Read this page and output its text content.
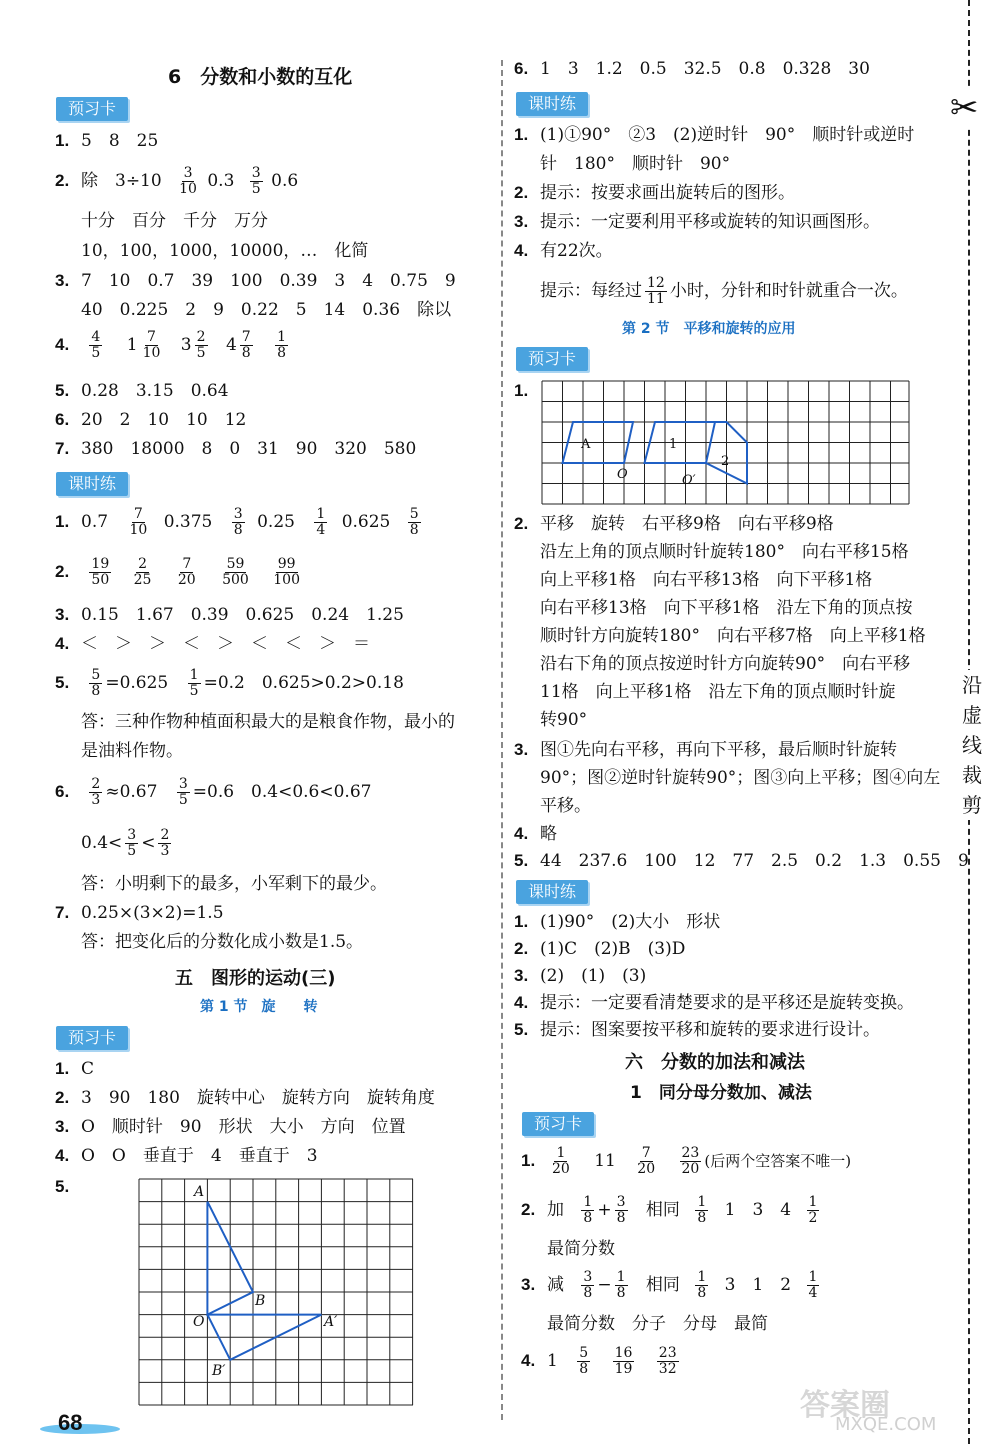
✂
沿虚线裁剪
6　分数和小数的互化
预习卡
1. 5　8　25
2. 除　$3\div 10 \frac{3}{10} 0.3 \frac{3}{5} 0.6$
十分　百分　千分　万分
10，100，1000，10000，…　化简
3. 7　10　0.7　39　100　0.39　3　4　0.75　9
40　0.225　2　9　0.22　5　14　0.36　除以
4. $\frac{4}{5} 1 \frac{7}{10} 3 \frac{2}{5} 4 \frac{7}{8}$
$\frac{1}{8}$
5. 0.28　3.15　0.64
6. 20　2　10　10　12
7. 380　18000　8　0　31　90　320　580
课时练
1. $0.7 \frac{7}{10} 0.375 \frac{3}{8} 0.25 \frac{1}{4} 0.625 \frac{5}{8}$
2. $\frac{19}{50}$
$\frac{2}{25}$
$\frac{7}{20}$
$\frac{59}{500}$
$\frac{99}{100}$
3. 0.15　1.67　0.39　0.625　0.24　1.25
4. ＜　＞　＞　＜　＞　＜　＜　＞　＝
5. $\frac{5}{8} =0.625 \frac{1}{5} =0.2$　0.625>0.2>0.18
答：三种作物种植面积最大的是粮食作物，最小的
是油料作物。
6. $\frac{2}{3} \approx 0.67 \frac{3}{5} =0.6$　0.4<0.6<0.67
$0.4< \frac{3}{5} < \frac{2}{3}$
答：小明剩下的最多，小军剩下的最少。
7. 0.25×(3×2)=1.5
答：把变化后的分数化成小数是1.5。
五　图形的运动(三)
第 1 节　旋　　转
预习卡
1. C
2. 3　90　180　旋转中心　旋转方向　旋转角度
3. O　顺时针　90　形状　大小　方向　位置
4. O　O　垂直于　4　垂直于　3
5.	A
B
O	A′
B′
6. 1　3　1.2　0.5　32.5　0.8　0.328　30
课时练
1. (1)①90°　②3　(2)逆时针　90°　顺时针或逆时
针　180°　顺时针　90°
2. 提示：按要求画出旋转后的图形。
3. 提示：一定要利用平移或旋转的知识画图形。
4. 有22次。
提示：每经过 $\frac{12}{11}$ 小时，分针和时针就重合一次。
第 2 节　平移和旋转的应用
预习卡
1.
A
O
1
2
O′
2. 平移　旋转　右平移9格　向右平移9格
沿左上角的顶点顺时针旋转180°　向右平移15格
向上平移1格　向右平移13格　向下平移1格
向右平移13格　向下平移1格　沿左下角的顶点按
顺时针方向旋转180°　向右平移7格　向上平移1格
沿右下角的顶点按逆时针方向旋转90°　向右平移
11格　向上平移1格　沿左下角的顶点顺时针旋
转90°
3. 图①先向右平移，再向下平移，最后顺时针旋转
90°；图②逆时针旋转90°；图③向上平移；图④向左
平移。
4. 略
5. 44　237.6　100　12　77　2.5　0.2　1.3　0.55　9
课时练
1. (1)90°　(2)大小　形状
2. (1)C　(2)B　(3)D
3. (2)　(1)　(3)
4. 提示：一定要看清楚要求的是平移还是旋转变换。
5. 提示：图案要按平移和旋转的要求进行设计。
六　分数的加法和减法
1　同分母分数加、减法
预习卡
1. $\frac{1}{20} 11 \frac{7}{20}$
$\frac{23}{20}$ (后两个空答案不唯一)
2. 加 $\frac{1}{8} + \frac{3}{8}$ 相同 $\frac{1}{8} 1$　3　$4 \frac{1}{2}$
最简分数
3. 减 $\frac{3}{8} - \frac{1}{8}$ 相同 $\frac{1}{8} 3$　1　$2 \frac{1}{4}$
最简分数　分子　分母　最简
4. $1 \frac{5}{8}$
$\frac{16}{19}$
$\frac{23}{32}$
68	答案圈
MXQE.COM
